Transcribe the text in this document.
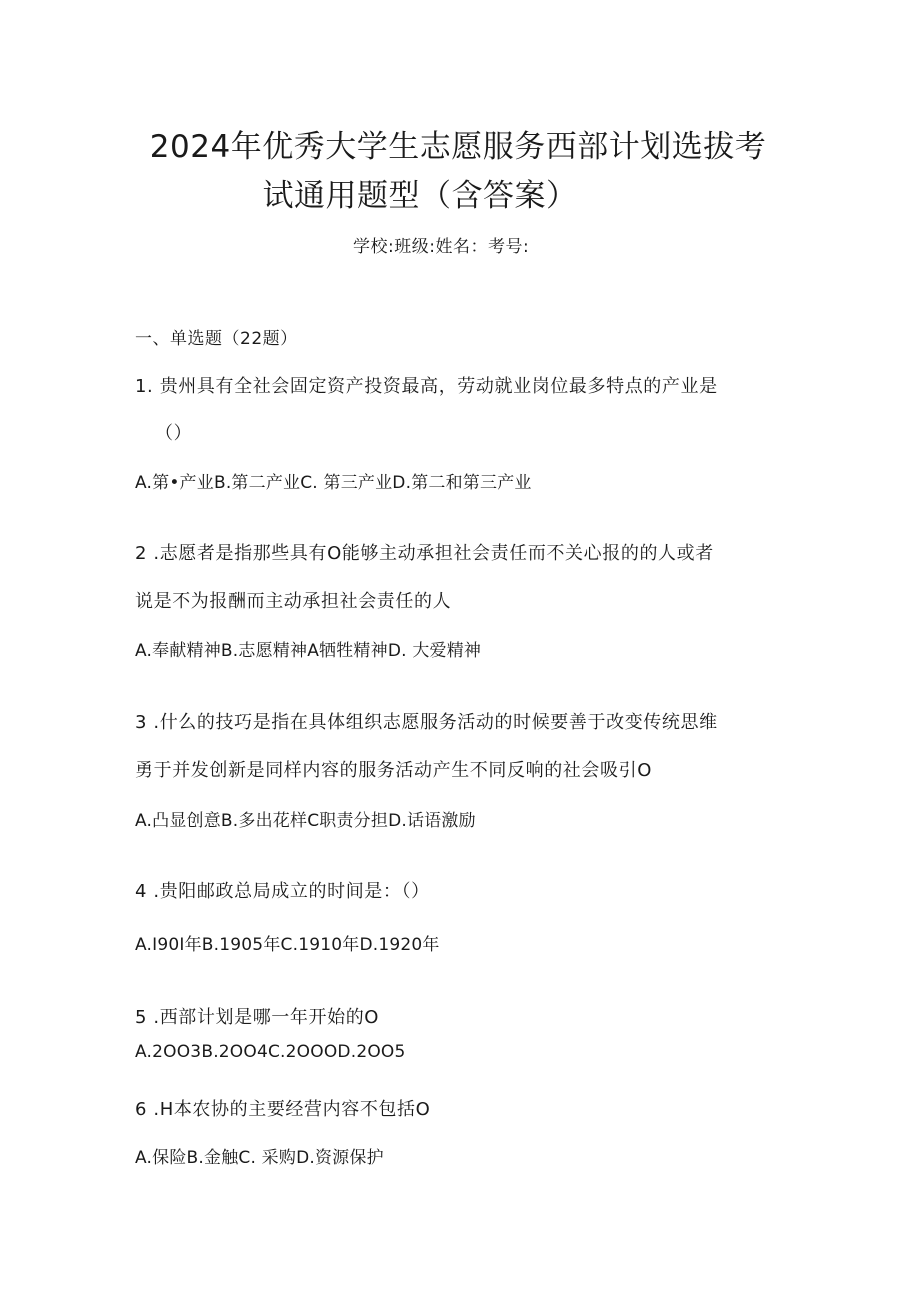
2024年优秀大学生志愿服务西部计划选拔考
试通用题型（含答案）
学校:班级:姓名：考号:
一、单选题（22题）
1. 贵州具有全社会固定资产投资最高，劳动就业岗位最多特点的产业是
（）
A.第•产业B.第二产业C. 第三产业D.第二和第三产业
2 .志愿者是指那些具有O能够主动承担社会责任而不关心报的的人或者
说是不为报酬而主动承担社会责任的人
A.奉献精神B.志愿精神A牺牲精神D. 大爱精神
3 .什么的技巧是指在具体组织志愿服务活动的时候要善于改变传统思维
勇于并发创新是同样内容的服务活动产生不同反响的社会吸引O
A.凸显创意B.多出花样C职责分担D.话语激励
4 .贵阳邮政总局成立的时间是：（）
A.I90I年B.1905年C.1910年D.1920年
5 .西部计划是哪一年开始的O
A.2OO3B.2OO4C.2OOOD.2OO5
6 .H本农协的主要经营内容不包括O
A.保险B.金触C. 采购D.资源保护
